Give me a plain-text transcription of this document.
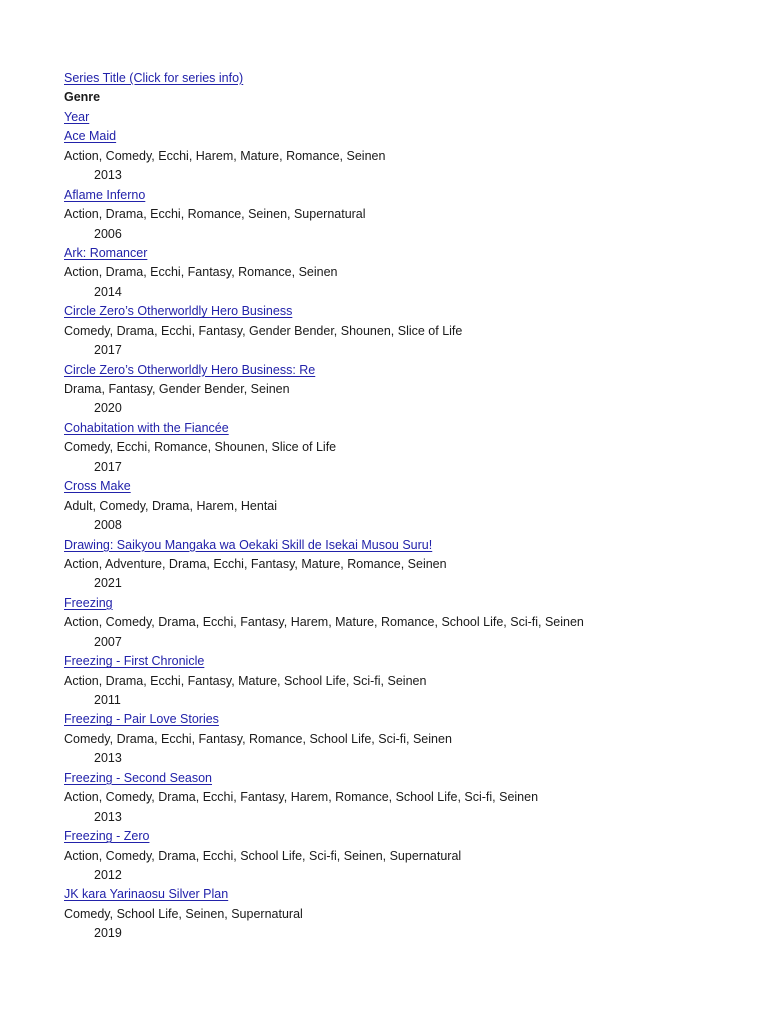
Series Title (Click for series info)
Genre
Year
Ace Maid
Action, Comedy, Ecchi, Harem, Mature, Romance, Seinen
2013
Aflame Inferno
Action, Drama, Ecchi, Romance, Seinen, Supernatural
2006
Ark: Romancer
Action, Drama, Ecchi, Fantasy, Romance, Seinen
2014
Circle Zero’s Otherworldly Hero Business
Comedy, Drama, Ecchi, Fantasy, Gender Bender, Shounen, Slice of Life
2017
Circle Zero’s Otherworldly Hero Business: Re
Drama, Fantasy, Gender Bender, Seinen
2020
Cohabitation with the Fiancée
Comedy, Ecchi, Romance, Shounen, Slice of Life
2017
Cross Make
Adult, Comedy, Drama, Harem, Hentai
2008
Drawing: Saikyou Mangaka wa Oekaki Skill de Isekai Musou Suru!
Action, Adventure, Drama, Ecchi, Fantasy, Mature, Romance, Seinen
2021
Freezing
Action, Comedy, Drama, Ecchi, Fantasy, Harem, Mature, Romance, School Life, Sci-fi, Seinen
2007
Freezing - First Chronicle
Action, Drama, Ecchi, Fantasy, Mature, School Life, Sci-fi, Seinen
2011
Freezing - Pair Love Stories
Comedy, Drama, Ecchi, Fantasy, Romance, School Life, Sci-fi, Seinen
2013
Freezing - Second Season
Action, Comedy, Drama, Ecchi, Fantasy, Harem, Romance, School Life, Sci-fi, Seinen
2013
Freezing - Zero
Action, Comedy, Drama, Ecchi, School Life, Sci-fi, Seinen, Supernatural
2012
JK kara Yarinaosu Silver Plan
Comedy, School Life, Seinen, Supernatural
2019
